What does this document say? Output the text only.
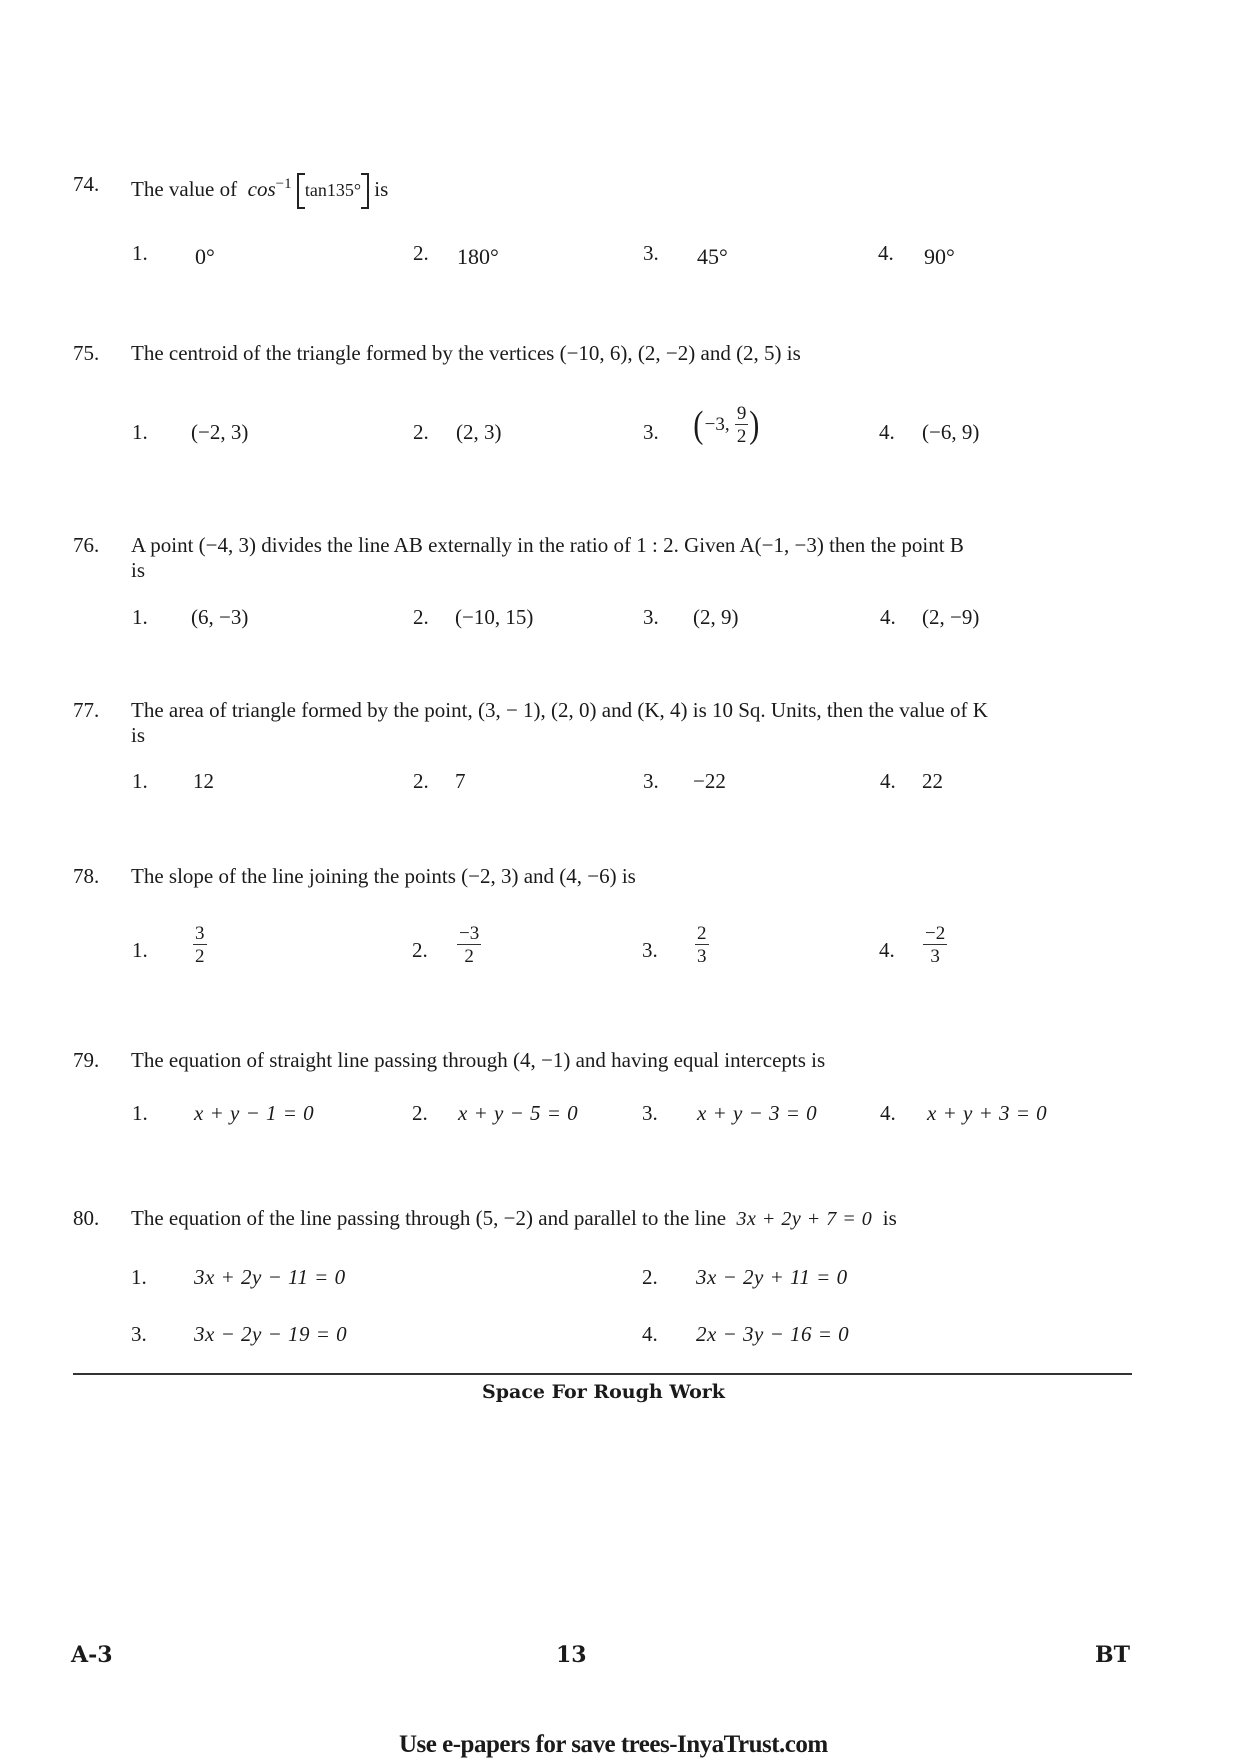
74. The value of $\cos^{-1} \tan 135^\circ$ is
1. 0°	2. 180°	3. 45°	4. 90°
75. The centroid of the triangle formed by the vertices (−10, 6), (2, −2) and (2, 5) is
1. (−2, 3)	2. (2, 3)	3. ( −3,
$\frac{9}{2}$ )	4. (−6, 9)
76. A point (−4, 3) divides the line AB externally in the ratio of 1 : 2. Given A(−1, −3) then the point B
is
1. (6, −3)	2. (−10, 15)	3. (2, 9)	4. (2, −9)
77. The area of triangle formed by the point, (3, − 1), (2, 0) and (K, 4) is 10 Sq. Units, then the value of K
is
1. 12	2. 7	3. −22	4. 22
78. The slope of the line joining the points (−2, 3) and (4, −6) is
1. $\frac{3}{2}$	2. $\frac{-3}{2}$	3. $\frac{2}{3}$	4. $\frac{-2}{3}$
79. The equation of straight line passing through (4, −1) and having equal intercepts is
1. x + y − 1 = 0	2. x + y − 5 = 0	3. x + y − 3 = 0	4. x + y + 3 = 0
80. The equation of the line passing through (5, −2) and parallel to the line 3x + 2y + 7 = 0 is
1. 3x + 2y − 11 = 0	2. 3x − 2y + 11 = 0
3. 3x − 2y − 19 = 0	4. 2x − 3y − 16 = 0
Space For Rough Work
A-3	13	BT
Use e-papers for save trees-InyaTrust.com
